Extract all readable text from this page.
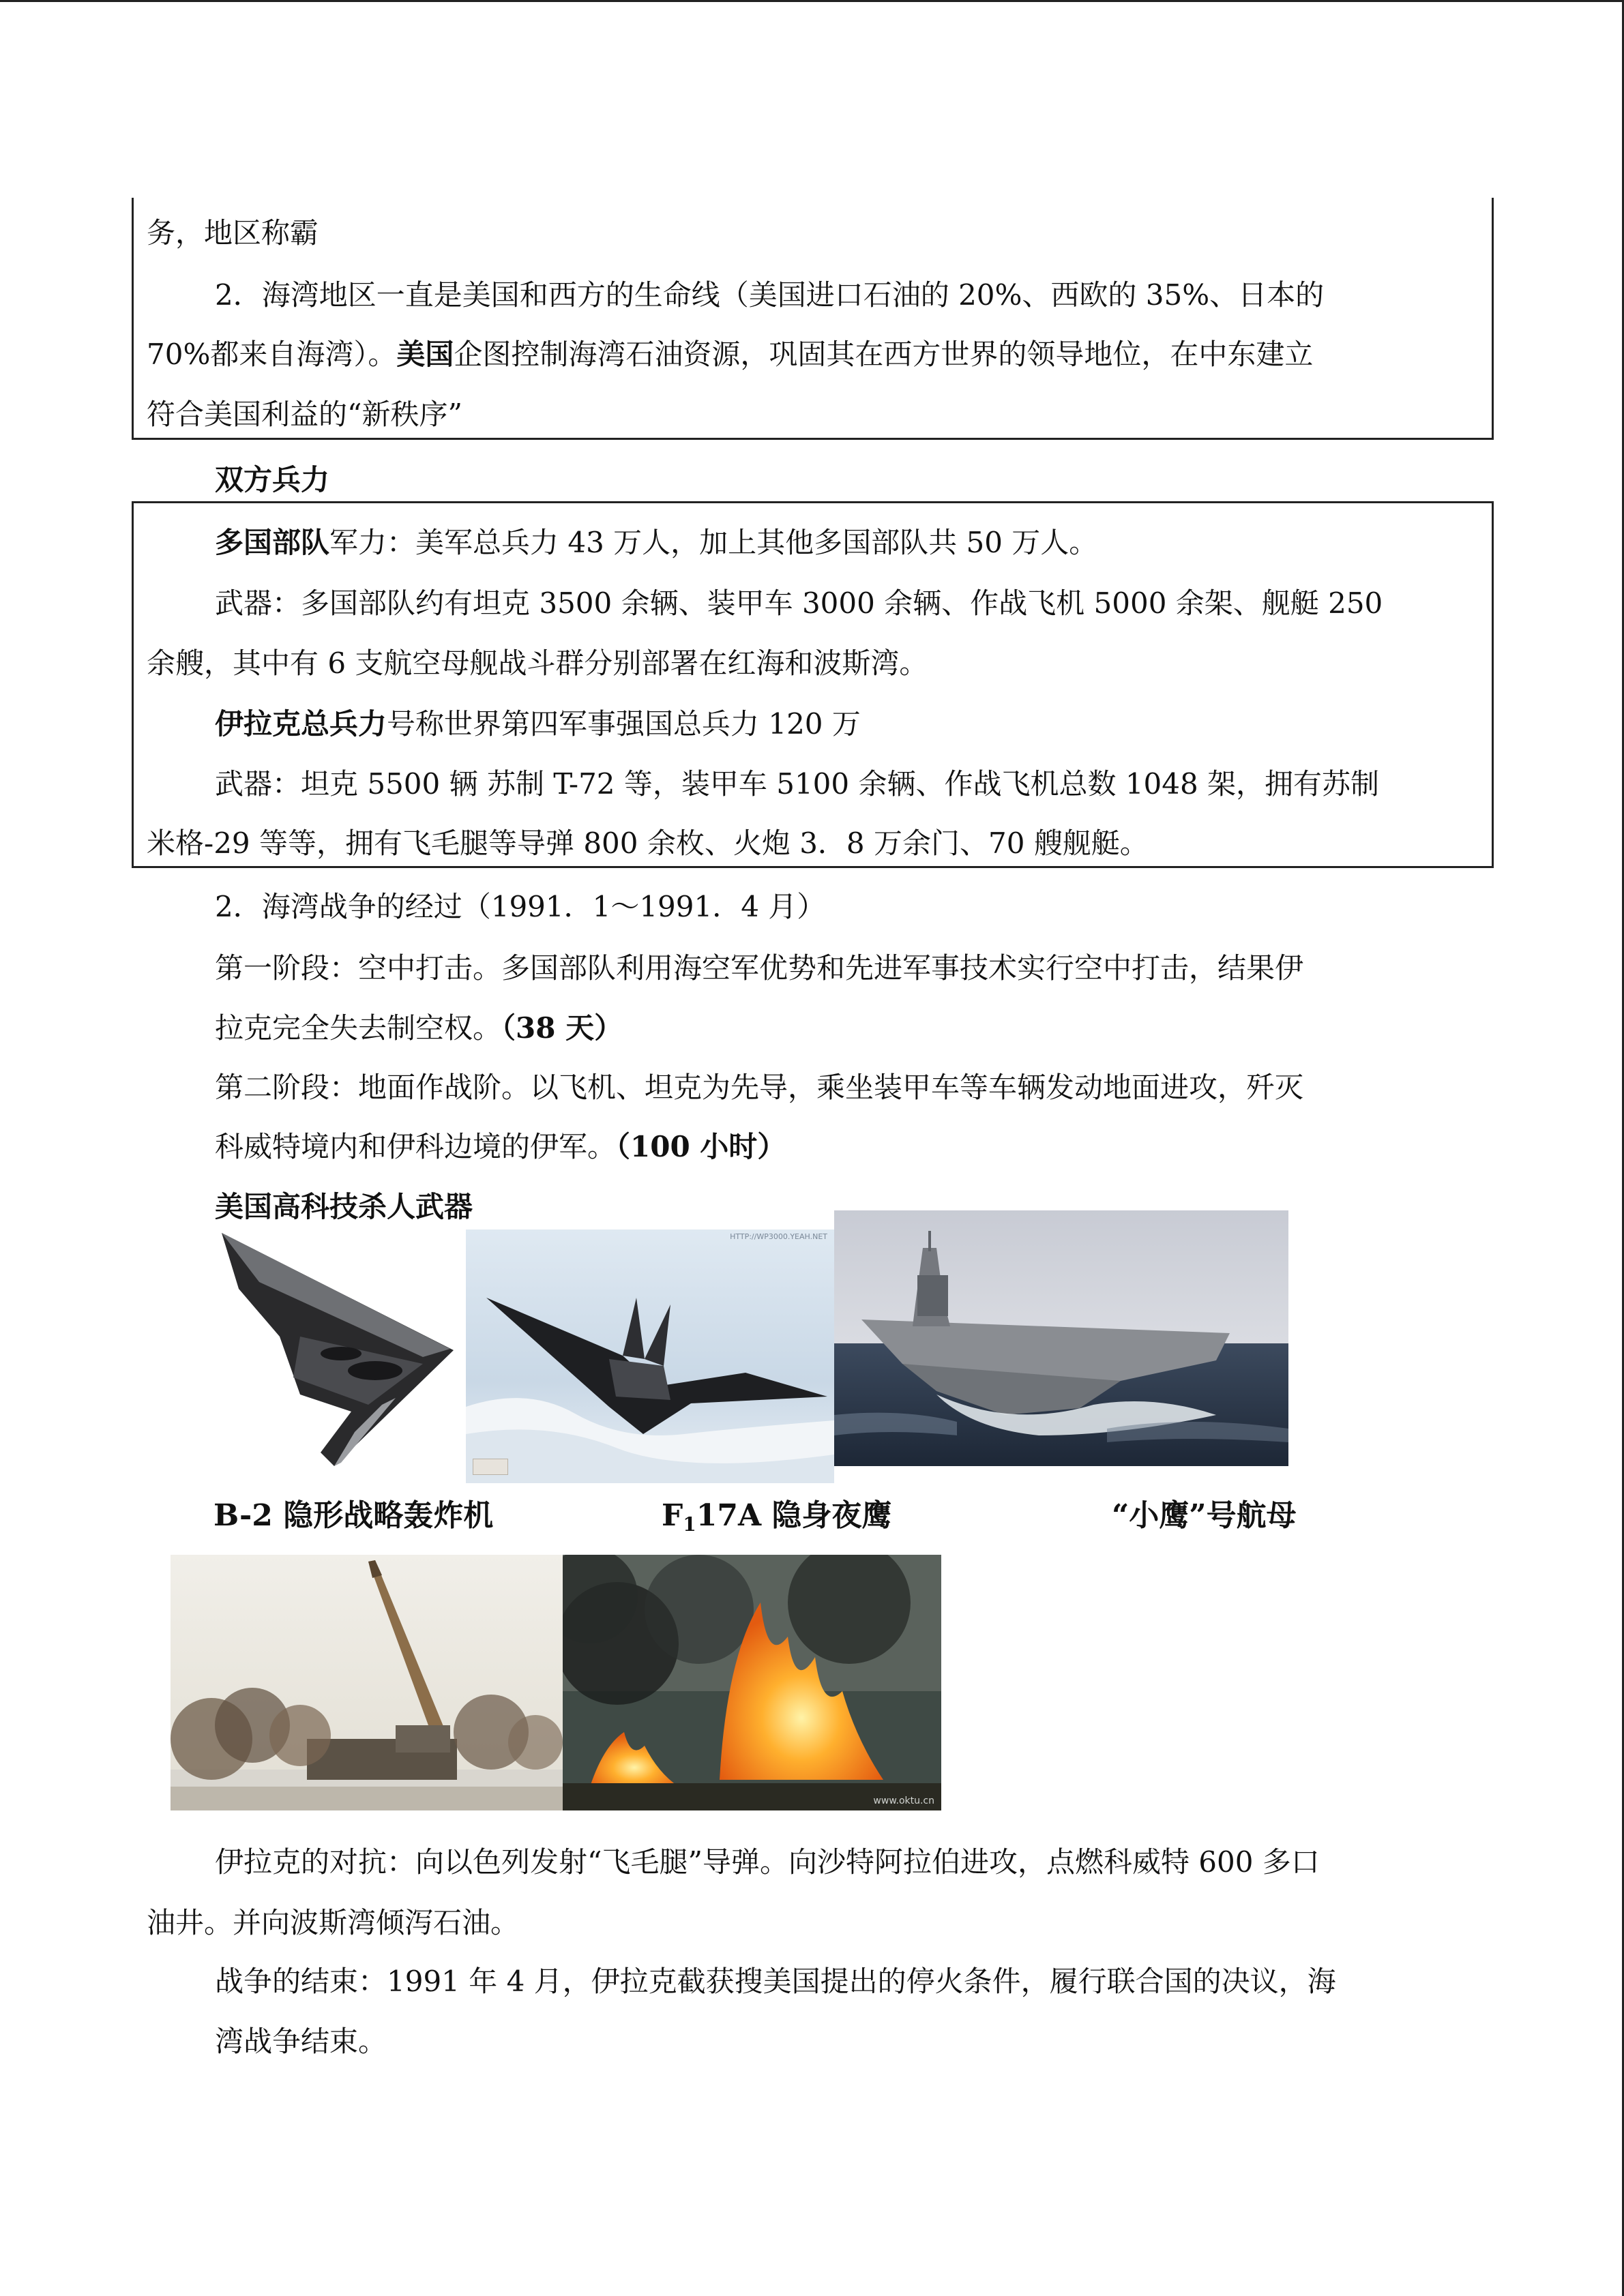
务，地区称霸
2．海湾地区一直是美国和西方的生命线（美国进口石油的 20%、西欧的 35%、日本的
70%都来自海湾）。美国企图控制海湾石油资源，巩固其在西方世界的领导地位，在中东建立
符合美国利益的“新秩序”
双方兵力
多国部队军力：美军总兵力 43 万人，加上其他多国部队共 50 万人。
武器：多国部队约有坦克 3500 余辆、装甲车 3000 余辆、作战飞机 5000 余架、舰艇 250
余艘，其中有 6 支航空母舰战斗群分别部署在红海和波斯湾。
伊拉克总兵力号称世界第四军事强国总兵力 120 万
武器：坦克 5500 辆 苏制 T-72 等，装甲车 5100 余辆、作战飞机总数 1048 架，拥有苏制
米格-29 等等，拥有飞毛腿等导弹 800 余枚、火炮 3．8 万余门、70 艘舰艇。
2．海湾战争的经过（1991．1～1991．4 月）
第一阶段：空中打击。多国部队利用海空军优势和先进军事技术实行空中打击，结果伊
拉克完全失去制空权。（38 天）
第二阶段：地面作战阶。以飞机、坦克为先导，乘坐装甲车等车辆发动地面进攻，歼灭
科威特境内和伊科边境的伊军。（100 小时）
美国高科技杀人武器
HTTP://WP3000.YEAH.NET
B-2 隐形战略轰炸机	$F_117A$ 隐身夜鹰	“小鹰”号航母
www.oktu.cn
伊拉克的对抗：向以色列发射“飞毛腿”导弹。向沙特阿拉伯进攻，点燃科威特 600 多口
油井。并向波斯湾倾泻石油。
战争的结束：1991 年 4 月，伊拉克截获搜美国提出的停火条件，履行联合国的决议，海
湾战争结束。
